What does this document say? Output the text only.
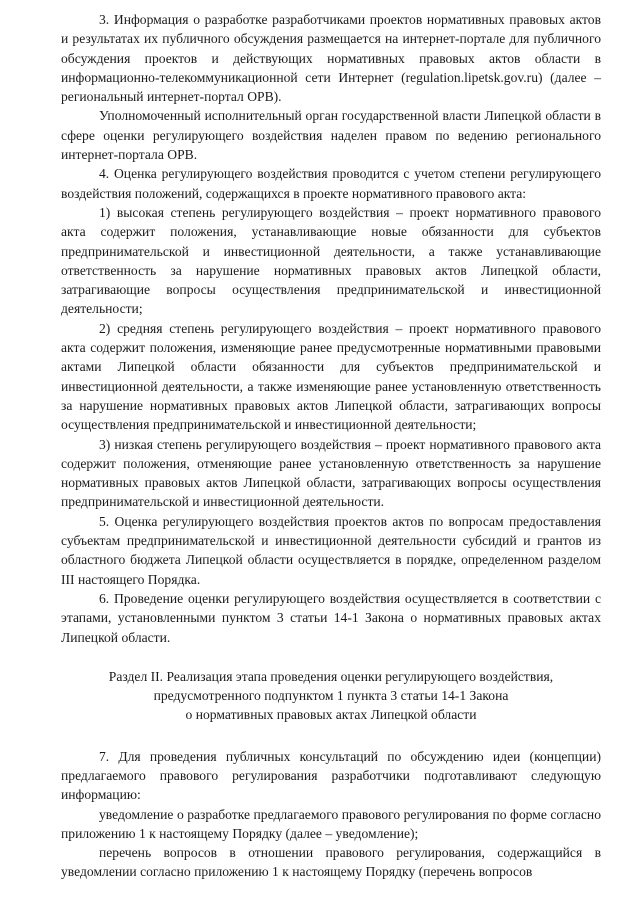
3. Информация о разработке разработчиками проектов нормативных правовых актов и результатах их публичного обсуждения размещается на интернет-портале для публичного обсуждения проектов и действующих нормативных правовых актов области в информационно-телекоммуникационной сети Интернет (regulation.lipetsk.gov.ru) (далее – региональный интернет-портал ОРВ).

Уполномоченный исполнительный орган государственной власти Липецкой области в сфере оценки регулирующего воздействия наделен правом по ведению регионального интернет-портала ОРВ.

4. Оценка регулирующего воздействия проводится с учетом степени регулирующего воздействия положений, содержащихся в проекте нормативного правового акта:

1) высокая степень регулирующего воздействия – проект нормативного правового акта содержит положения, устанавливающие новые обязанности для субъектов предпринимательской и инвестиционной деятельности, а также устанавливающие ответственность за нарушение нормативных правовых актов Липецкой области, затрагивающие вопросы осуществления предпринимательской и инвестиционной деятельности;

2) средняя степень регулирующего воздействия – проект нормативного правового акта содержит положения, изменяющие ранее предусмотренные нормативными правовыми актами Липецкой области обязанности для субъектов предпринимательской и инвестиционной деятельности, а также изменяющие ранее установленную ответственность за нарушение нормативных правовых актов Липецкой области, затрагивающих вопросы осуществления предпринимательской и инвестиционной деятельности;

3) низкая степень регулирующего воздействия – проект нормативного правового акта содержит положения, отменяющие ранее установленную ответственность за нарушение нормативных правовых актов Липецкой области, затрагивающих вопросы осуществления предпринимательской и инвестиционной деятельности.

5. Оценка регулирующего воздействия проектов актов по вопросам предоставления субъектам предпринимательской и инвестиционной деятельности субсидий и грантов из областного бюджета Липецкой области осуществляется в порядке, определенном разделом III настоящего Порядка.

6. Проведение оценки регулирующего воздействия осуществляется в соответствии с этапами, установленными пунктом 3 статьи 14-1 Закона о нормативных правовых актах Липецкой области.

Раздел II. Реализация этапа проведения оценки регулирующего воздействия,
предусмотренного подпунктом 1 пункта 3 статьи 14-1 Закона
о нормативных правовых актах Липецкой области

7. Для проведения публичных консультаций по обсуждению идеи (концепции) предлагаемого правового регулирования разработчики подготавливают следующую информацию:

уведомление о разработке предлагаемого правового регулирования по форме согласно приложению 1 к настоящему Порядку (далее – уведомление);

перечень вопросов в отношении правового регулирования, содержащийся в уведомлении согласно приложению 1 к настоящему Порядку (перечень вопросов
